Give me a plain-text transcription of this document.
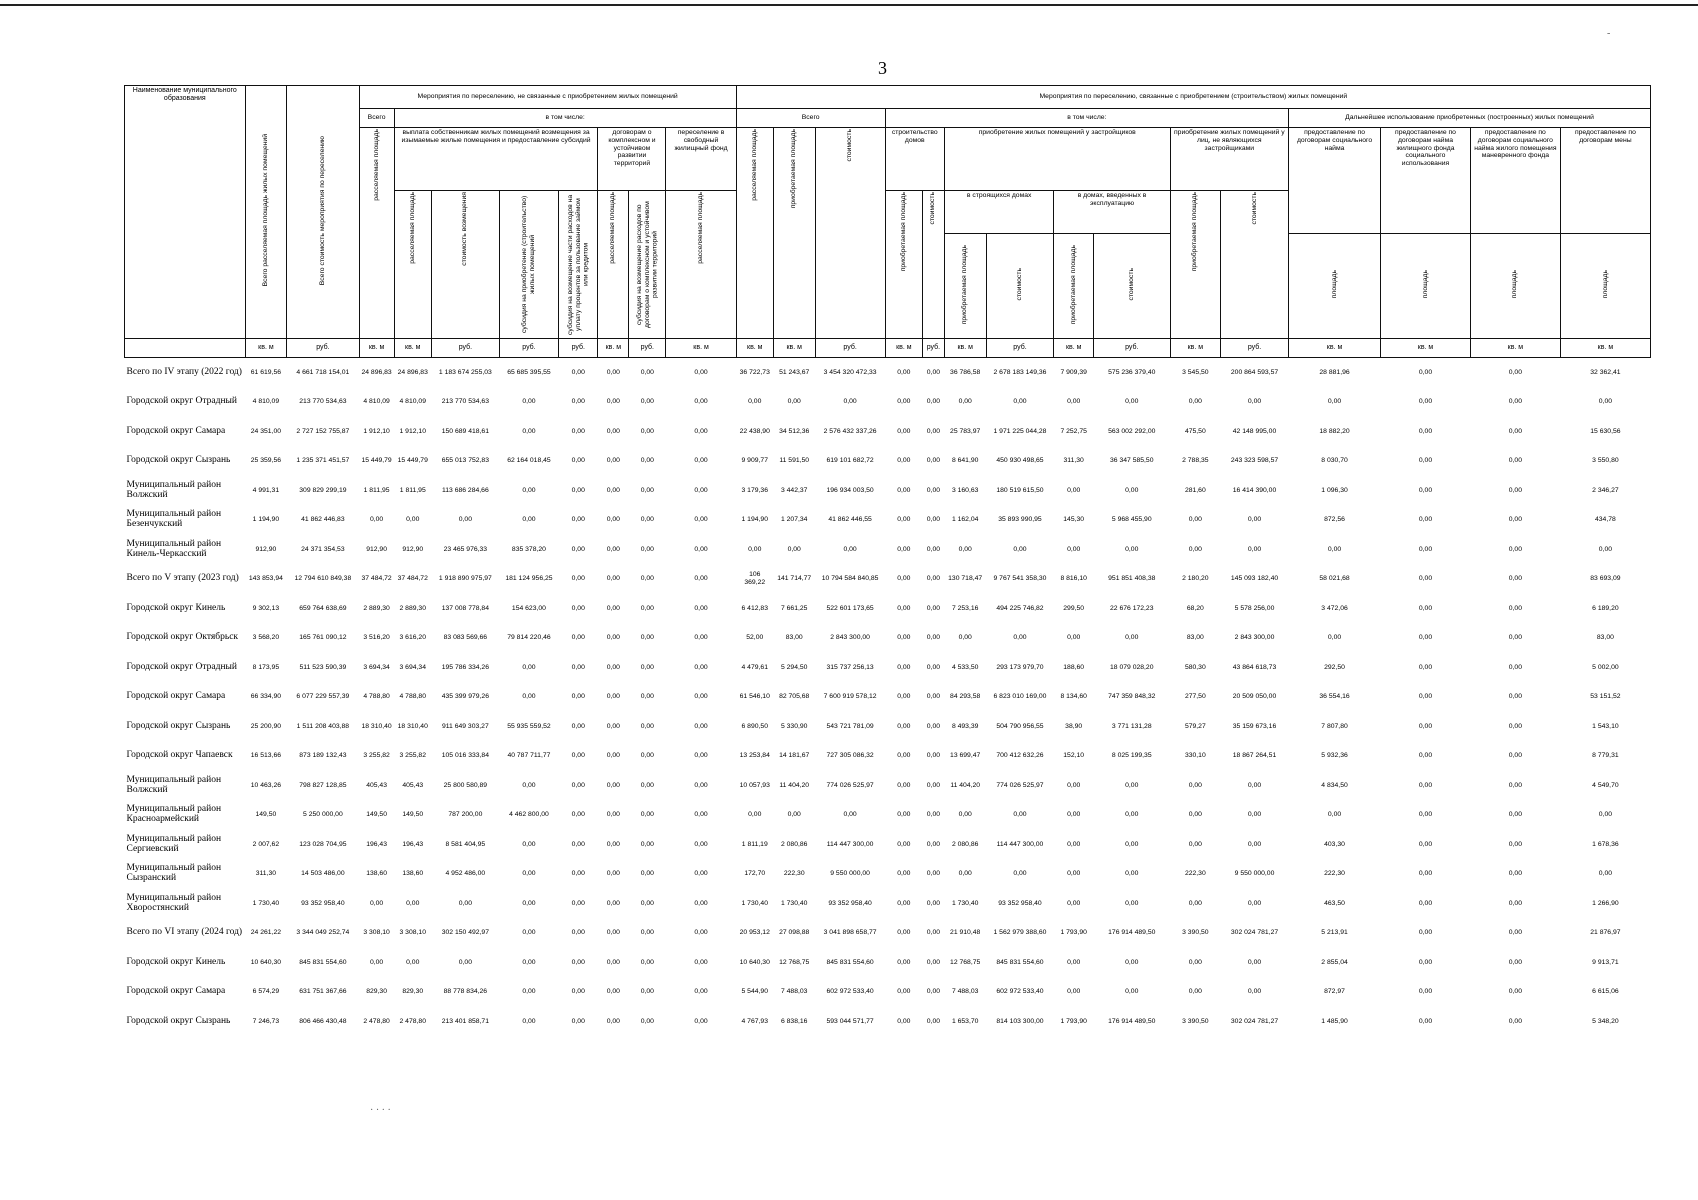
3
-
· · · ·
Наименование муниципального образования	Всего расселяемая площадь жилых помещений	Всего стоимость мероприятия по переселению	Мероприятия по переселению, не связанные с приобретением жилых помещений								Мероприятия по переселению, связанные с приобретением (строительством) жилых помещений														
			Всего	в том числе:							Всего			в том числе:								Дальнейшее использование приобретенных (построенных) жилых помещений			
			расселяемая площадь	выплата собственникам жилых помещений возмещения за изымаемые жилые помещения и предоставление субсидий				договорам о комплексном и устойчивом развитии территорий		переселение в свободный жилищный фонд	расселяемая площадь	приобретаемая площадь	стоимость	строительство домов		приобретение жилых помещений у застройщиков				приобретение жилых помещений у лиц, не являющихся застройщиками		предоставление по договорам социального найма	предоставление по договорам найма жилищного фонда социального использования	предоставление по договорам социального найма жилого помещения маневренного фонда	предоставление по договорам мены
				расселяемая площадь	стоимость возмещения	субсидия на приобретение (строительство) жилых помещений	субсидия на возмещение части расходов на уплату процентов за пользование займом или кредитом	расселяемая площадь	субсидия на возмещение расходов по договорам о комплексном и устойчивом развитии территорий	расселяемая площадь				приобретаемая площадь	стоимость	в строящихся домах		в домах, введенных в эксплуатацию		приобретаемая площадь	стоимость				
																приобретаемая площадь	стоимость	приобретаемая площадь	стоимость			площадь	площадь	площадь	площадь
	кв. м	руб.	кв. м	кв. м	руб.	руб.	руб.	кв. м	руб.	кв. м	кв. м	кв. м	руб.	кв. м	руб.	кв. м	руб.	кв. м	руб.	кв. м	руб.	кв. м	кв. м	кв. м	кв. м
Всего по IV этапу (2022 год)	61 619,56	4 661 718 154,01	24 896,83	24 896,83	1 183 674 255,03	65 685 395,55	0,00	0,00	0,00	0,00	36 722,73	51 243,67	3 454 320 472,33	0,00	0,00	36 786,58	2 678 183 149,36	7 909,39	575 236 379,40	3 545,50	200 864 593,57	28 881,96	0,00	0,00	32 362,41
Городской округ Отрадный	4 810,09	213 770 534,63	4 810,09	4 810,09	213 770 534,63	0,00	0,00	0,00	0,00	0,00	0,00	0,00	0,00	0,00	0,00	0,00	0,00	0,00	0,00	0,00	0,00	0,00	0,00	0,00	0,00
Городской округ Самара	24 351,00	2 727 152 755,87	1 912,10	1 912,10	150 689 418,61	0,00	0,00	0,00	0,00	0,00	22 438,90	34 512,36	2 576 432 337,26	0,00	0,00	25 783,97	1 971 225 044,28	7 252,75	563 002 292,00	475,50	42 148 995,00	18 882,20	0,00	0,00	15 630,56
Городской округ Сызрань	25 359,56	1 235 371 451,57	15 449,79	15 449,79	655 013 752,83	62 164 018,45	0,00	0,00	0,00	0,00	9 909,77	11 591,50	619 101 682,72	0,00	0,00	8 641,90	450 930 498,65	311,30	36 347 585,50	2 788,35	243 323 598,57	8 030,70	0,00	0,00	3 550,80
Муниципальный район Волжский	4 991,31	309 829 299,19	1 811,95	1 811,95	113 686 284,66	0,00	0,00	0,00	0,00	0,00	3 179,36	3 442,37	196 934 003,50	0,00	0,00	3 160,63	180 519 615,50	0,00	0,00	281,60	16 414 390,00	1 096,30	0,00	0,00	2 346,27
Муниципальный район Безенчукский	1 194,90	41 862 446,83	0,00	0,00	0,00	0,00	0,00	0,00	0,00	0,00	1 194,90	1 207,34	41 862 446,55	0,00	0,00	1 162,04	35 893 990,95	145,30	5 968 455,90	0,00	0,00	872,56	0,00	0,00	434,78
Муниципальный район Кинель-Черкасский	912,90	24 371 354,53	912,90	912,90	23 465 976,33	835 378,20	0,00	0,00	0,00	0,00	0,00	0,00	0,00	0,00	0,00	0,00	0,00	0,00	0,00	0,00	0,00	0,00	0,00	0,00	0,00
Всего по V этапу (2023 год)	143 853,94	12 794 610 849,38	37 484,72	37 484,72	1 918 890 975,97	181 124 956,25	0,00	0,00	0,00	0,00	106 369,22	141 714,77	10 794 584 840,85	0,00	0,00	130 718,47	9 767 541 358,30	8 816,10	951 851 408,38	2 180,20	145 093 182,40	58 021,68	0,00	0,00	83 693,09
Городской округ Кинель	9 302,13	659 764 638,69	2 889,30	2 889,30	137 008 778,84	154 623,00	0,00	0,00	0,00	0,00	6 412,83	7 661,25	522 601 173,65	0,00	0,00	7 253,16	494 225 746,82	299,50	22 676 172,23	68,20	5 578 256,00	3 472,06	0,00	0,00	6 189,20
Городской округ Октябрьск	3 568,20	165 761 090,12	3 516,20	3 616,20	83 083 569,66	79 814 220,46	0,00	0,00	0,00	0,00	52,00	83,00	2 843 300,00	0,00	0,00	0,00	0,00	0,00	0,00	83,00	2 843 300,00	0,00	0,00	0,00	83,00
Городской округ Отрадный	8 173,95	511 523 590,39	3 694,34	3 694,34	195 786 334,26	0,00	0,00	0,00	0,00	0,00	4 479,61	5 294,50	315 737 256,13	0,00	0,00	4 533,50	293 173 979,70	188,60	18 079 028,20	580,30	43 864 618,73	292,50	0,00	0,00	5 002,00
Городской округ Самара	66 334,90	6 077 229 557,39	4 788,80	4 788,80	435 399 979,26	0,00	0,00	0,00	0,00	0,00	61 546,10	82 705,68	7 600 919 578,12	0,00	0,00	84 293,58	6 823 010 169,00	8 134,60	747 359 848,32	277,50	20 509 050,00	36 554,16	0,00	0,00	53 151,52
Городской округ Сызрань	25 200,90	1 511 208 403,88	18 310,40	18 310,40	911 649 303,27	55 935 559,52	0,00	0,00	0,00	0,00	6 890,50	5 330,90	543 721 781,09	0,00	0,00	8 493,39	504 790 956,55	38,90	3 771 131,28	579,27	35 159 673,16	7 807,80	0,00	0,00	1 543,10
Городской округ Чапаевск	16 513,66	873 189 132,43	3 255,82	3 255,82	105 016 333,84	40 787 711,77	0,00	0,00	0,00	0,00	13 253,84	14 181,67	727 305 086,32	0,00	0,00	13 699,47	700 412 632,26	152,10	8 025 199,35	330,10	18 867 264,51	5 932,36	0,00	0,00	8 779,31
Муниципальный район Волжский	10 463,26	798 827 128,85	405,43	405,43	25 800 580,89	0,00	0,00	0,00	0,00	0,00	10 057,93	11 404,20	774 026 525,97	0,00	0,00	11 404,20	774 026 525,97	0,00	0,00	0,00	0,00	4 834,50	0,00	0,00	4 549,70
Муниципальный район Красноармейский	149,50	5 250 000,00	149,50	149,50	787 200,00	4 462 800,00	0,00	0,00	0,00	0,00	0,00	0,00	0,00	0,00	0,00	0,00	0,00	0,00	0,00	0,00	0,00	0,00	0,00	0,00	0,00
Муниципальный район Сергиевский	2 007,62	123 028 704,95	196,43	196,43	8 581 404,95	0,00	0,00	0,00	0,00	0,00	1 811,19	2 080,86	114 447 300,00	0,00	0,00	2 080,86	114 447 300,00	0,00	0,00	0,00	0,00	403,30	0,00	0,00	1 678,36
Муниципальный район Сызранский	311,30	14 503 486,00	138,60	138,60	4 952 486,00	0,00	0,00	0,00	0,00	0,00	172,70	222,30	9 550 000,00	0,00	0,00	0,00	0,00	0,00	0,00	222,30	9 550 000,00	222,30	0,00	0,00	0,00
Муниципальный район Хворостянский	1 730,40	93 352 958,40	0,00	0,00	0,00	0,00	0,00	0,00	0,00	0,00	1 730,40	1 730,40	93 352 958,40	0,00	0,00	1 730,40	93 352 958,40	0,00	0,00	0,00	0,00	463,50	0,00	0,00	1 266,90
Всего по VI этапу (2024 год)	24 261,22	3 344 049 252,74	3 308,10	3 308,10	302 150 492,97	0,00	0,00	0,00	0,00	0,00	20 953,12	27 098,88	3 041 898 658,77	0,00	0,00	21 910,48	1 562 979 388,60	1 793,90	176 914 489,50	3 390,50	302 024 781,27	5 213,91	0,00	0,00	21 876,97
Городской округ Кинель	10 640,30	845 831 554,60	0,00	0,00	0,00	0,00	0,00	0,00	0,00	0,00	10 640,30	12 768,75	845 831 554,60	0,00	0,00	12 768,75	845 831 554,60	0,00	0,00	0,00	0,00	2 855,04	0,00	0,00	9 913,71
Городской округ Самара	6 574,29	631 751 367,66	829,30	829,30	88 778 834,26	0,00	0,00	0,00	0,00	0,00	5 544,90	7 488,03	602 972 533,40	0,00	0,00	7 488,03	602 972 533,40	0,00	0,00	0,00	0,00	872,97	0,00	0,00	6 615,06
Городской округ Сызрань	7 246,73	806 466 430,48	2 478,80	2 478,80	213 401 858,71	0,00	0,00	0,00	0,00	0,00	4 767,93	6 838,16	593 044 571,77	0,00	0,00	1 653,70	814 103 300,00	1 793,90	176 914 489,50	3 390,50	302 024 781,27	1 485,90	0,00	0,00	5 348,20
